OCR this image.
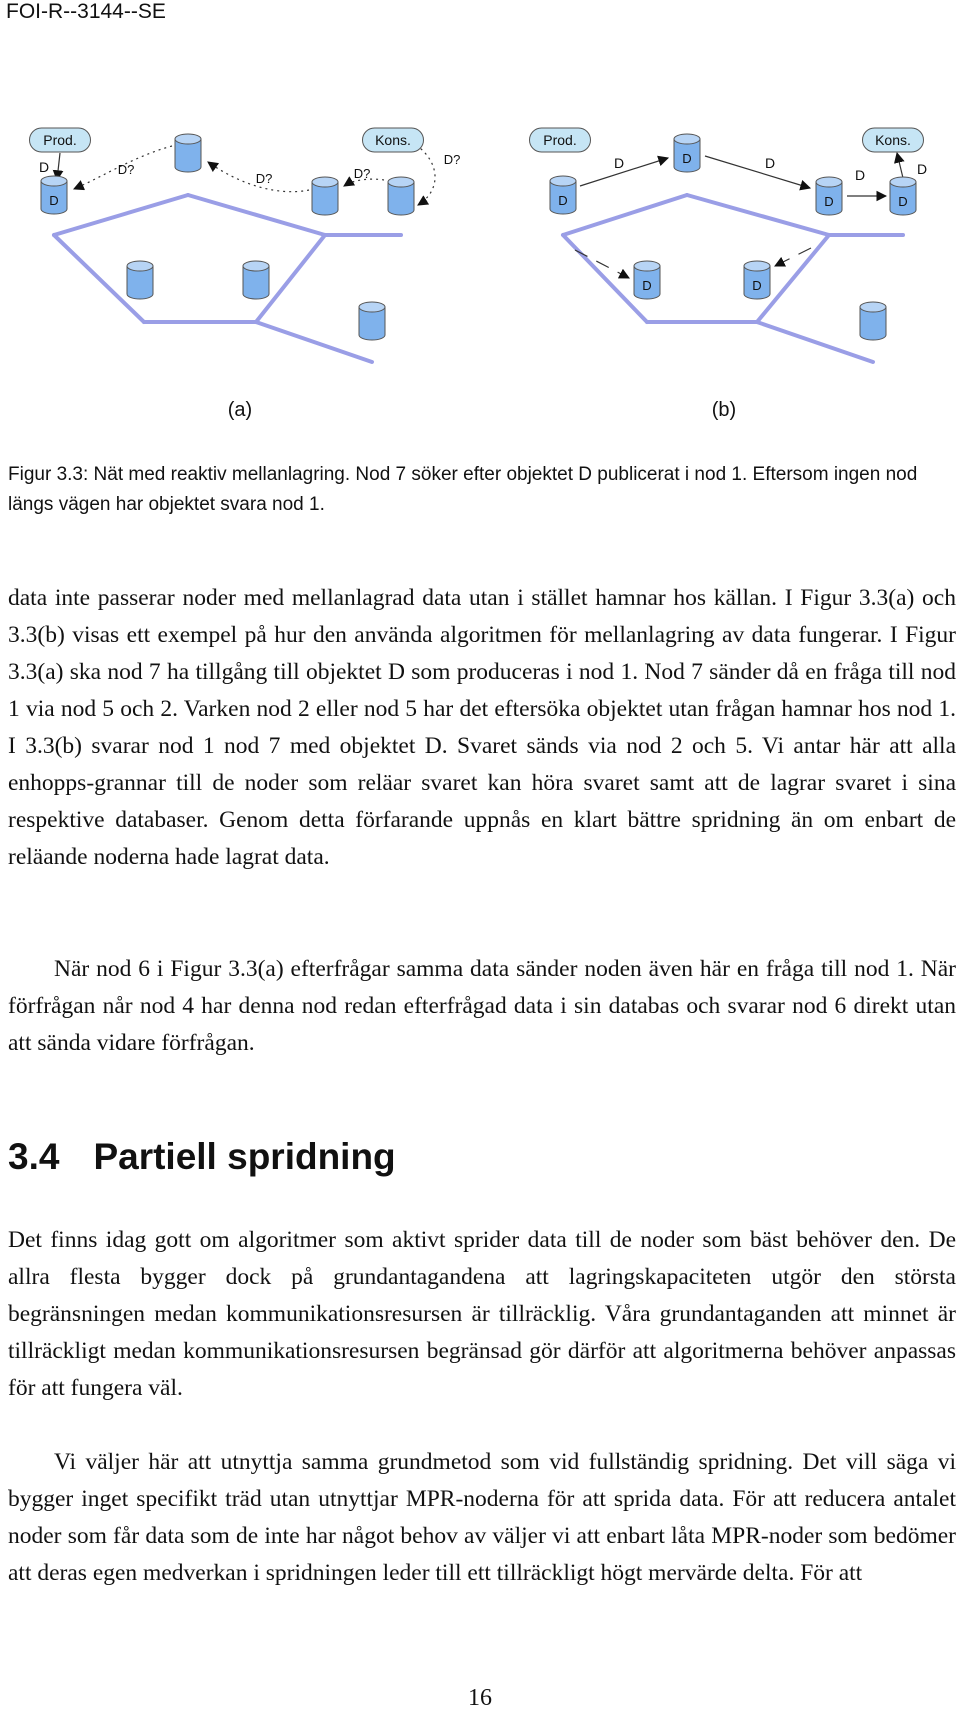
FOI-R--3144--SE
D	D
D
D	D
D	D
Prod.	Kons.	Prod.	Kons.
D	D?
D?	D?
D?
(a)
D	D
D	D
(b)
Figur 3.3: Nät med reaktiv mellanlagring. Nod 7 söker efter objektet D publicerat i nod 1. Eftersom ingen nod längs vägen har objektet svara nod 1.

data inte passerar noder med mellanlagrad data utan i stället hamnar hos källan. I Figur 3.3(a) och 3.3(b) visas ett exempel på hur den använda algoritmen för mellanlagring av data fungerar. I Figur 3.3(a) ska nod 7 ha tillgång till objektet D som produceras i nod 1. Nod 7 sänder då en fråga till nod 1 via nod 5 och 2. Varken nod 2 eller nod 5 har det eftersöka objektet utan frågan hamnar hos nod 1. I 3.3(b) svarar nod 1 nod 7 med objektet D. Svaret sänds via nod 2 och 5. Vi antar här att alla enhopps-grannar till de noder som reläar svaret kan höra svaret samt att de lagrar svaret i sina respektive databaser. Genom detta förfarande uppnås en klart bättre spridning än om enbart de reläande noderna hade lagrat data.

När nod 6 i Figur 3.3(a) efterfrågar samma data sänder noden även här en fråga till nod 1. När förfrågan når nod 4 har denna nod redan efterfrågad data i sin databas och svarar nod 6 direkt utan att sända vidare förfrågan.

3.4 Partiell spridning

Det finns idag gott om algoritmer som aktivt sprider data till de noder som bäst behöver den. De allra flesta bygger dock på grundantagandena att lagringskapaciteten utgör den största begränsningen medan kommunikationsresursen är tillräcklig. Våra grundantaganden att minnet är tillräckligt medan kommunikationsresursen begränsad gör därför att algoritmerna behöver anpassas för att fungera väl.

Vi väljer här att utnyttja samma grundmetod som vid fullständig spridning. Det vill säga vi bygger inget specifikt träd utan utnyttjar MPR-noderna för att sprida data. För att reducera antalet noder som får data som de inte har något behov av väljer vi att enbart låta MPR-noder som bedömer att deras egen medverkan i spridningen leder till ett tillräckligt högt mervärde delta. För att

16
